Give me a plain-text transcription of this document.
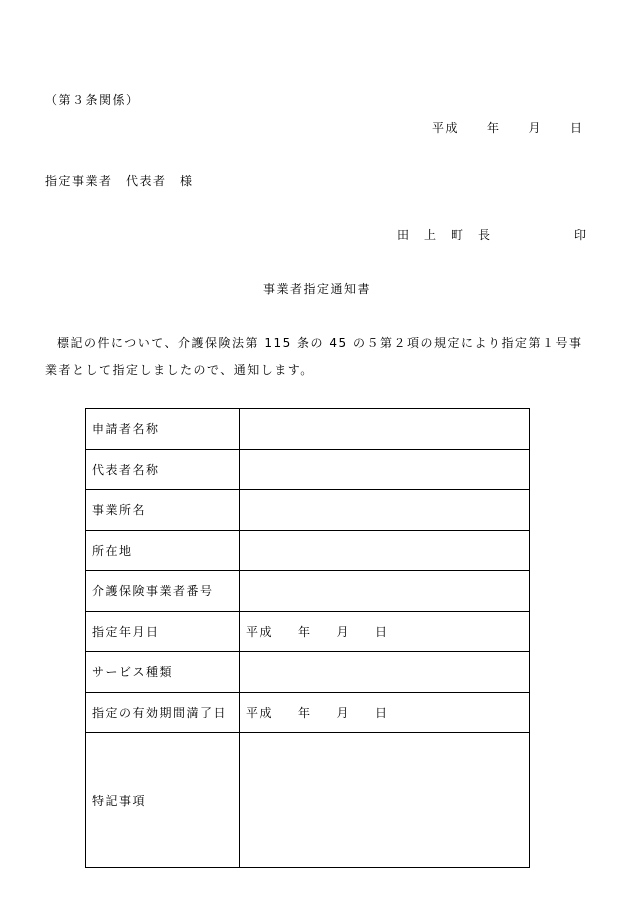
（第３条関係）
平成 年 月 日
指定事業者　代表者　様
田　上　町　長	印
事業者指定通知書
標記の件について、介護保険法第 115 条の 45 の５第２項の規定により指定第１号事業者として指定しましたので、通知します。
申請者名称	
代表者名称	
事業所名	
所在地	
介護保険事業者番号	
指定年月日	平成 年 月 日
サービス種類	
指定の有効期間満了日	平成 年 月 日
特記事項	
